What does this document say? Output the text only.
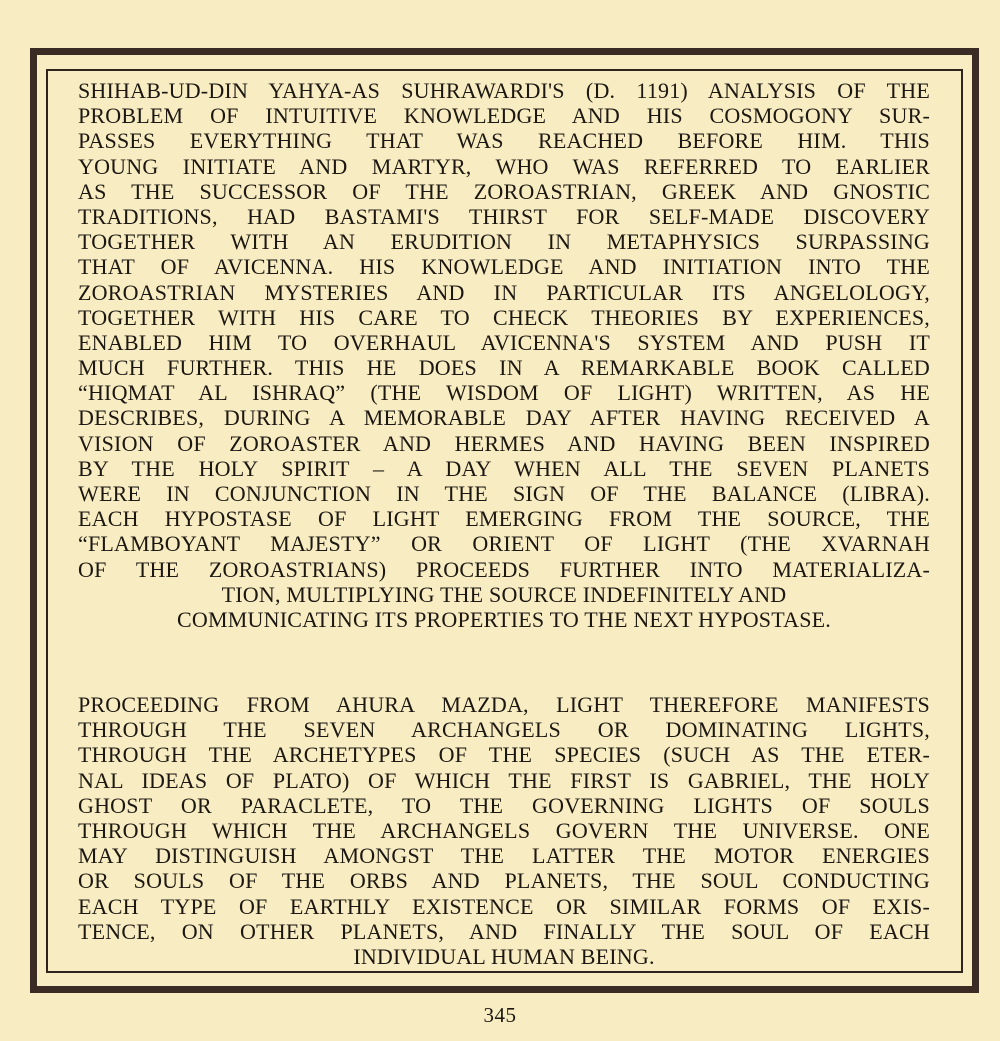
SHIHAB-UD-DIN YAHYA-AS SUHRAWARDI'S (D. 1191) ANALYSIS OF THE
PROBLEM OF INTUITIVE KNOWLEDGE AND HIS COSMOGONY SUR-
PASSES EVERYTHING THAT WAS REACHED BEFORE HIM. THIS
YOUNG INITIATE AND MARTYR, WHO WAS REFERRED TO EARLIER
AS THE SUCCESSOR OF THE ZOROASTRIAN, GREEK AND GNOSTIC
TRADITIONS, HAD BASTAMI'S THIRST FOR SELF-MADE DISCOVERY
TOGETHER WITH AN ERUDITION IN METAPHYSICS SURPASSING
THAT OF AVICENNA. HIS KNOWLEDGE AND INITIATION INTO THE
ZOROASTRIAN MYSTERIES AND IN PARTICULAR ITS ANGELOLOGY,
TOGETHER WITH HIS CARE TO CHECK THEORIES BY EXPERIENCES,
ENABLED HIM TO OVERHAUL AVICENNA'S SYSTEM AND PUSH IT
MUCH FURTHER. THIS HE DOES IN A REMARKABLE BOOK CALLED
“HIQMAT AL ISHRAQ” (THE WISDOM OF LIGHT) WRITTEN, AS HE
DESCRIBES, DURING A MEMORABLE DAY AFTER HAVING RECEIVED A
VISION OF ZOROASTER AND HERMES AND HAVING BEEN INSPIRED
BY THE HOLY SPIRIT – A DAY WHEN ALL THE SEVEN PLANETS
WERE IN CONJUNCTION IN THE SIGN OF THE BALANCE (LIBRA).
EACH HYPOSTASE OF LIGHT EMERGING FROM THE SOURCE, THE
“FLAMBOYANT MAJESTY” OR ORIENT OF LIGHT (THE XVARNAH
OF THE ZOROASTRIANS) PROCEEDS FURTHER INTO MATERIALIZA-
TION, MULTIPLYING THE SOURCE INDEFINITELY AND
COMMUNICATING ITS PROPERTIES TO THE NEXT HYPOSTASE.
PROCEEDING FROM AHURA MAZDA, LIGHT THEREFORE MANIFESTS
THROUGH THE SEVEN ARCHANGELS OR DOMINATING LIGHTS,
THROUGH THE ARCHETYPES OF THE SPECIES (SUCH AS THE ETER-
NAL IDEAS OF PLATO) OF WHICH THE FIRST IS GABRIEL, THE HOLY
GHOST OR PARACLETE, TO THE GOVERNING LIGHTS OF SOULS
THROUGH WHICH THE ARCHANGELS GOVERN THE UNIVERSE. ONE
MAY DISTINGUISH AMONGST THE LATTER THE MOTOR ENERGIES
OR SOULS OF THE ORBS AND PLANETS, THE SOUL CONDUCTING
EACH TYPE OF EARTHLY EXISTENCE OR SIMILAR FORMS OF EXIS-
TENCE, ON OTHER PLANETS, AND FINALLY THE SOUL OF EACH
INDIVIDUAL HUMAN BEING.
345
